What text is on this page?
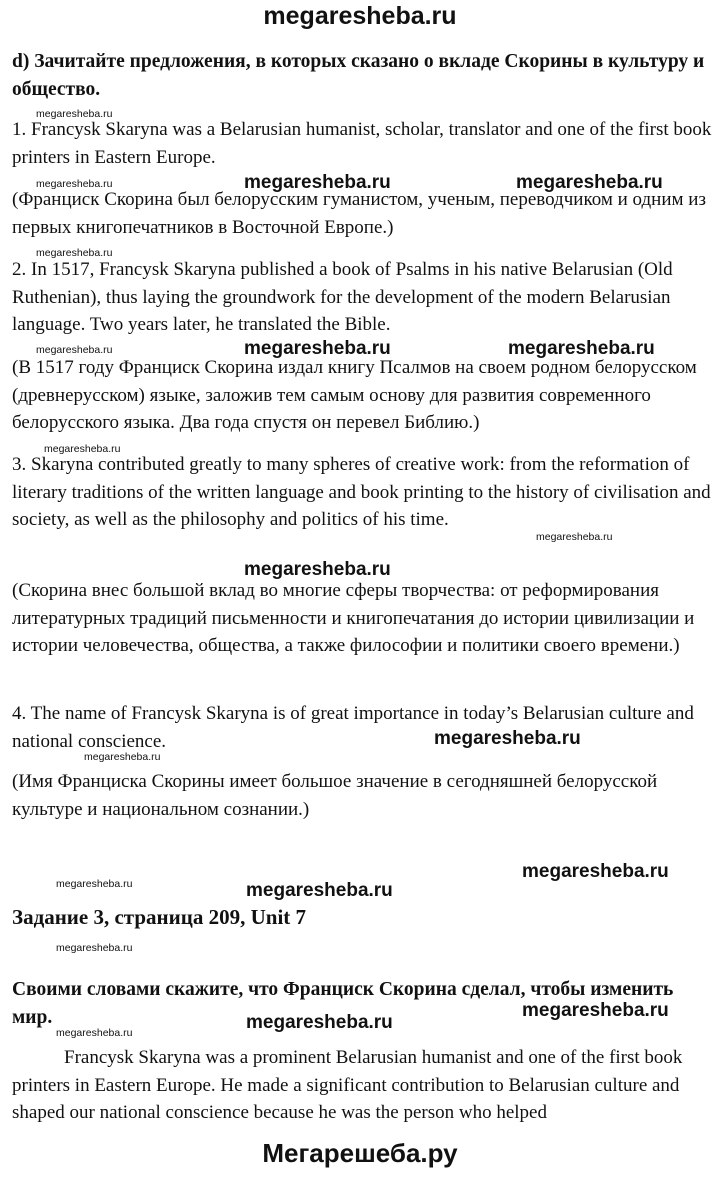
megaresheba.ru
d) Зачитайте предложения, в которых сказано о вкладе Скорины в культуру и общество.
1. Francysk Skaryna was a Belarusian humanist, scholar, translator and one of the first book printers in Eastern Europe.
(Франциск Скорина был белорусским гуманистом, ученым, переводчиком и одним из первых книгопечатников в Восточной Европе.)
2. In 1517, Francysk Skaryna published a book of Psalms in his native Belarusian (Old Ruthenian), thus laying the groundwork for the development of the modern Belarusian language. Two years later, he translated the Bible.
(В 1517 году Франциск Скорина издал книгу Псалмов на своем родном белорусском (древнерусском) языке, заложив тем самым основу для развития современного белорусского языка. Два года спустя он перевел Библию.)
3. Skaryna contributed greatly to many spheres of creative work: from the reformation of literary traditions of the written language and book printing to the history of civilisation and society, as well as the philosophy and politics of his time.
(Скорина внес большой вклад во многие сферы творчества: от реформирования литературных традиций письменности и книгопечатания до истории цивилизации и истории человечества, общества, а также философии и политики своего времени.)
4. The name of Francysk Skaryna is of great importance in today’s Belarusian culture and national conscience.
(Имя Франциска Скорины имеет большое значение в сегодняшней белорусской культуре и национальном сознании.)
Задание 3, страница 209, Unit 7
Своими словами скажите, что Франциск Скорина сделал, чтобы изменить мир.
Francysk Skaryna was a prominent Belarusian humanist and one of the first book printers in Eastern Europe. He made a significant contribution to Belarusian culture and shaped our national conscience because he was the person who helped
megaresheba.ru
megaresheba.ru
megaresheba.ru
megaresheba.ru
megaresheba.ru
megaresheba.ru
megaresheba.ru
megaresheba.ru
megaresheba.ru
megaresheba.ru	megaresheba.ru
megaresheba.ru	megaresheba.ru
megaresheba.ru
megaresheba.ru
megaresheba.ru
megaresheba.ru
megaresheba.ru
megaresheba.ru
megaresheba.ru
Мегарешеба.ру
